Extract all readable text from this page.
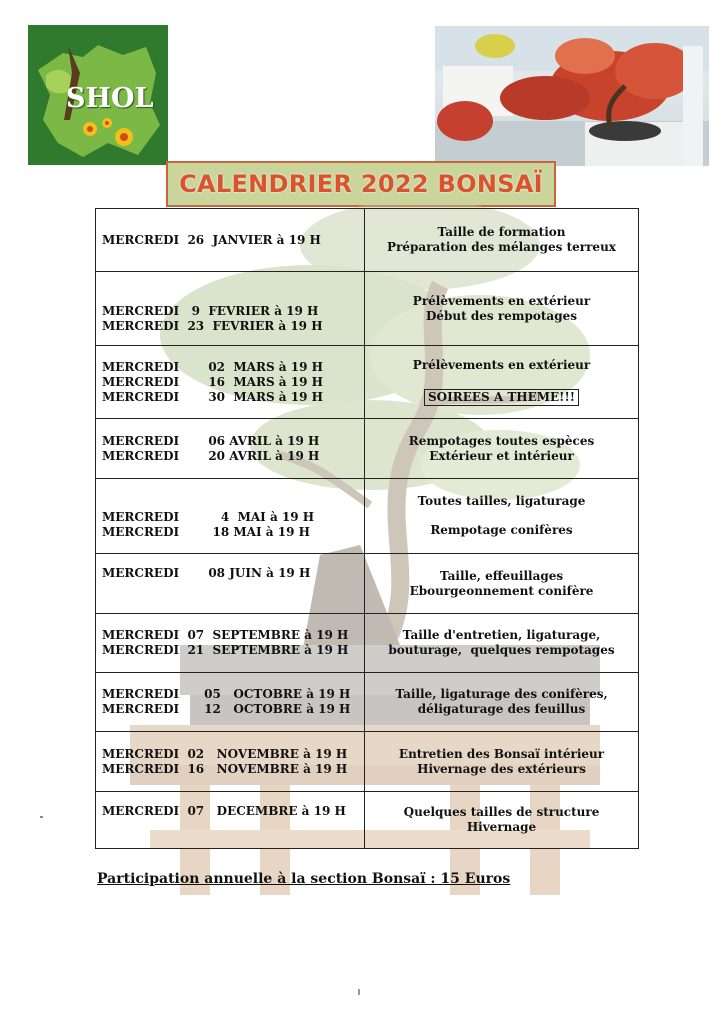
SHOL
CALENDRIER 2022 BONSAÏ
MERCREDI  26  JANVIER à 19 H	Taille de formation
Préparation des mélanges terreux

MERCREDI   9  FEVRIER à 19 H
MERCREDI  23  FEVRIER à 19 H	Prélèvements en extérieur
Début des rempotages

MERCREDI       02  MARS à 19 H
MERCREDI       16  MARS à 19 H
MERCREDI       30  MARS à 19 H	Prélèvements en extérieur
SOIREES A THEME!!!

MERCREDI       06 AVRIL à 19 H
MERCREDI       20 AVRIL à 19 H	Rempotages toutes espèces
Extérieur et intérieur

MERCREDI          4  MAI à 19 H
MERCREDI        18 MAI à 19 H	Toutes tailles, ligaturage
Rempotage conifères

MERCREDI       08 JUIN à 19 H	Taille, effeuillages
Ebourgeonnement conifère

MERCREDI  07  SEPTEMBRE à 19 H
MERCREDI  21  SEPTEMBRE à 19 H	Taille d'entretien, ligaturage,
bouturage,  quelques rempotages

MERCREDI      05   OCTOBRE à 19 H
MERCREDI      12   OCTOBRE à 19 H	Taille, ligaturage des conifères,
déligaturage des feuillus

MERCREDI  02   NOVEMBRE à 19 H
MERCREDI  16   NOVEMBRE à 19 H	Entretien des Bonsaï intérieur
Hivernage des extérieurs

MERCREDI  07   DECEMBRE à 19 H	Quelques tailles de structure
Hivernage
Participation annuelle à la section Bonsaï : 15 Euros
